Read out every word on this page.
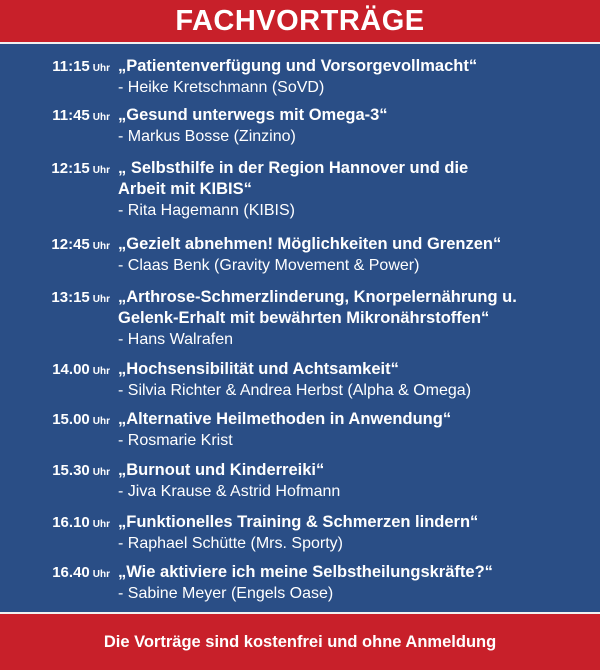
FACHVORTRÄGE
11:15 Uhr „Patientenverfügung und Vorsorgevollmacht“
- Heike Kretschmann (SoVD)
11:45 Uhr „Gesund unterwegs mit Omega-3“
- Markus Bosse (Zinzino)
12:15 Uhr „ Selbsthilfe in der Region Hannover und die
Arbeit mit KIBIS“
- Rita Hagemann (KIBIS)
12:45 Uhr „Gezielt abnehmen! Möglichkeiten und Grenzen“
- Claas Benk (Gravity Movement & Power)
13:15 Uhr „Arthrose-Schmerzlinderung, Knorpelernährung u.
Gelenk-Erhalt mit bewährten Mikronährstoffen“
- Hans Walrafen
14.00 Uhr „Hochsensibilität und Achtsamkeit“
- Silvia Richter & Andrea Herbst (Alpha & Omega)
15.00 Uhr „Alternative Heilmethoden in Anwendung“
- Rosmarie Krist
15.30 Uhr „Burnout und Kinderreiki“
- Jiva Krause & Astrid Hofmann
16.10 Uhr „Funktionelles Training & Schmerzen lindern“
- Raphael Schütte (Mrs. Sporty)
16.40 Uhr „Wie aktiviere ich meine Selbstheilungskräfte?“
- Sabine Meyer (Engels Oase)
Die Vorträge sind kostenfrei und ohne Anmeldung
